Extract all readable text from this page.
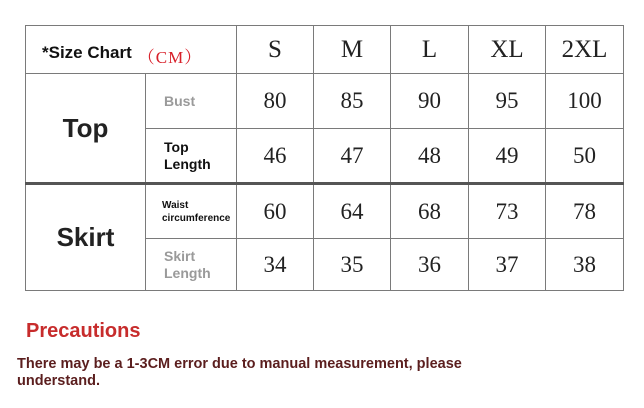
*Size Chart （CM）		S	M	L	XL	2XL
Top	Bust	80	85	90	95	100
	Top Length	46	47	48	49	50
Skirt	Waist circumference	60	64	68	73	78
	Skirt Length	34	35	36	37	38
Precautions

There may be a 1-3CM error due to manual measurement, please understand.
